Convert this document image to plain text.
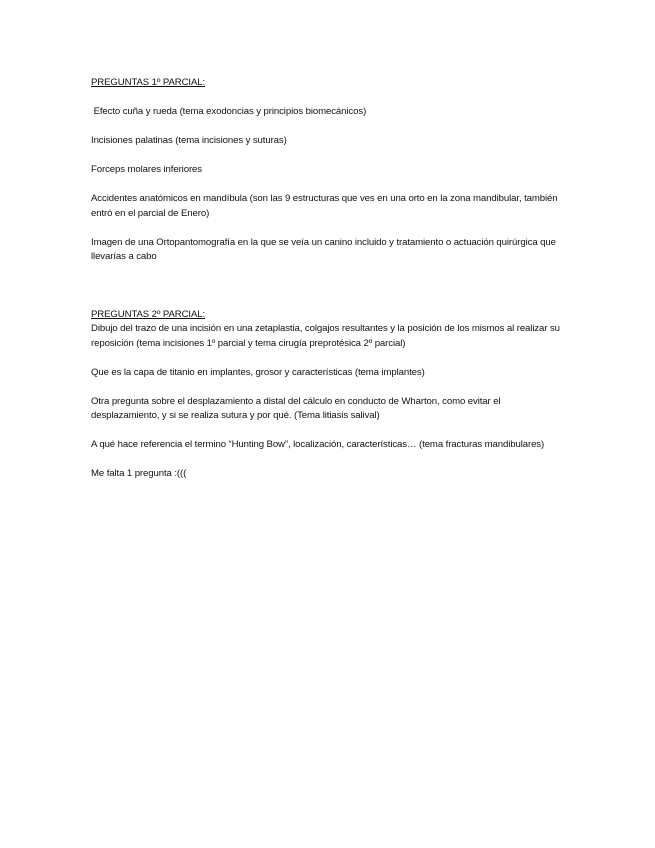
PREGUNTAS 1º PARCIAL:

Efecto cuña y rueda (tema exodoncias y principios biomecánicos)

Incisiones palatinas (tema incisiones y suturas)

Forceps molares inferiores

Accidentes anatómicos en mandíbula (son las 9 estructuras que ves en una orto en la zona mandibular, también entró en el parcial de Enero)

Imagen de una Ortopantomografía en la que se veía un canino incluido y tratamiento o actuación quirúrgica que llevarías a cabo

PREGUNTAS 2º PARCIAL:

Dibujo del trazo de una incisión en una zetaplastia, colgajos resultantes y la posición de los mismos al realizar su reposición (tema incisiones 1º parcial y tema cirugía preprotésica 2º parcial)

Que es la capa de titanio en implantes, grosor y características (tema implantes)

Otra pregunta sobre el desplazamiento a distal del cálculo en conducto de Wharton, como evitar el desplazamiento, y si se realiza sutura y por qué. (Tema litiasis salival)

A qué hace referencia el termino “Hunting Bow”, localización, características… (tema fracturas mandibulares)

Me falta 1 pregunta :(((
